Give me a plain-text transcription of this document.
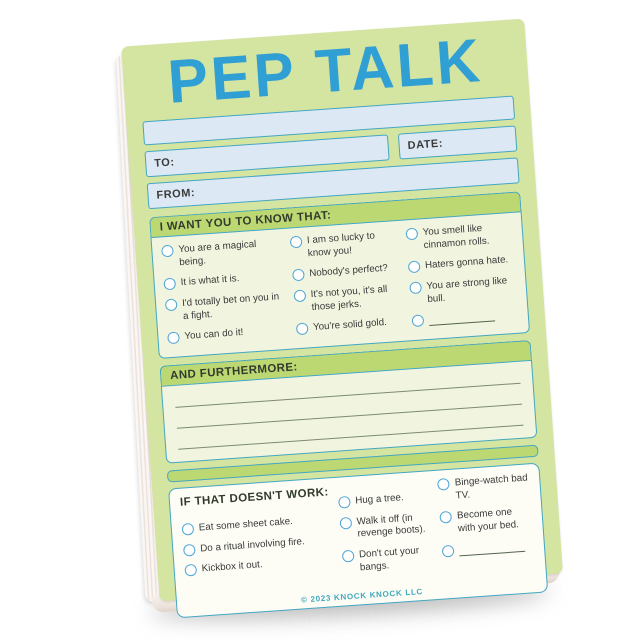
PEP TALK
TO:
DATE:
FROM:
I WANT YOU TO KNOW THAT:
You are a magical being.
It is what it is.
I'd totally bet on you in a fight.
You can do it!
I am so lucky to know you!
Nobody's perfect?
It's not you, it's all those jerks.
You're solid gold.
You smell like cinnamon rolls.
Haters gonna hate.
You are strong like bull.
AND FURTHERMORE:
IF THAT DOESN'T WORK:
Eat some sheet cake.
Do a ritual involving fire.
Kickbox it out.
Hug a tree.
Walk it off (in revenge boots).
Don't cut your bangs.
Binge-watch bad TV.
Become one with your bed.
© 2023 KNOCK KNOCK LLC
